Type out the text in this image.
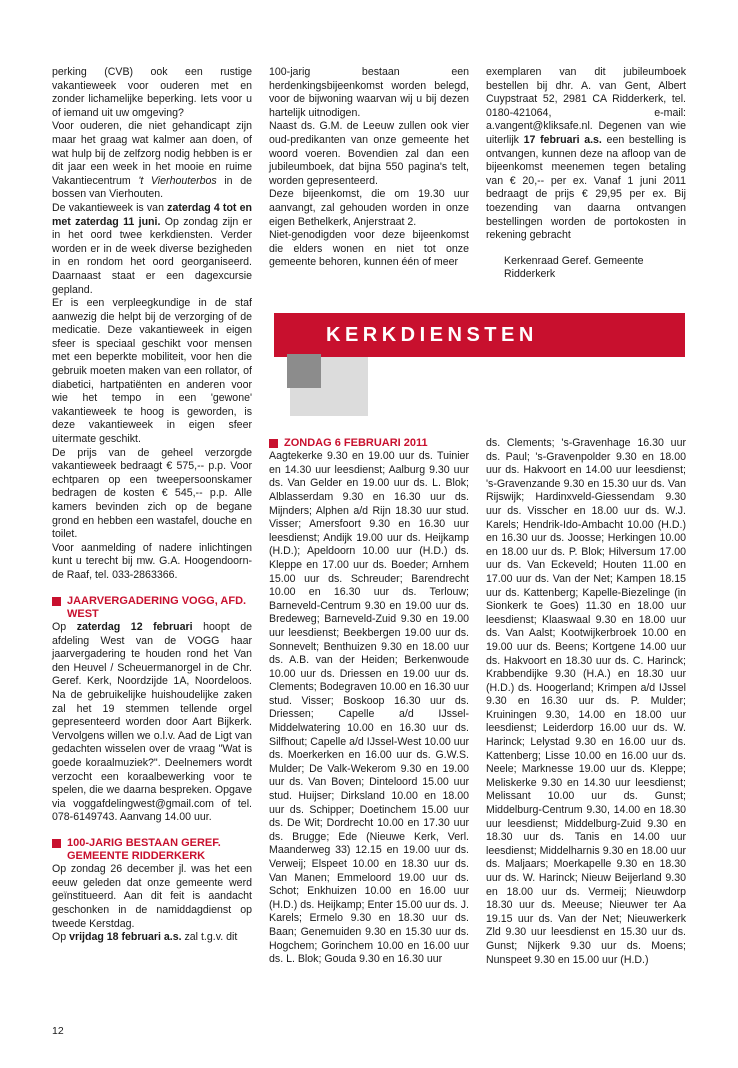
perking (CVB) ook een rustige vakantieweek voor ouderen met en zonder lichamelijke beperking. Iets voor u of iemand uit uw omgeving?

Voor ouderen, die niet gehandicapt zijn maar het graag wat kalmer aan doen, of wat hulp bij de zelfzorg nodig hebben is er dit jaar een week in het mooie en ruime Vakantiecentrum 't Vierhouterbos in de bossen van Vierhouten.

De vakantieweek is van zaterdag 4 tot en met zaterdag 11 juni. Op zondag zijn er in het oord twee kerkdiensten. Verder worden er in de week diverse bezigheden in en rondom het oord georganiseerd. Daarnaast staat er een dagexcursie gepland.

Er is een verpleegkundige in de staf aanwezig die helpt bij de verzorging of de medicatie. Deze vakantieweek in eigen sfeer is speciaal geschikt voor mensen met een beperkte mobiliteit, voor hen die gebruik moeten maken van een rollator, of diabetici, hartpatiënten en anderen voor wie het tempo in een 'gewone' vakantieweek te hoog is geworden, is deze vakantieweek in eigen sfeer uitermate geschikt.

De prijs van de geheel verzorgde vakantieweek bedraagt € 575,-- p.p. Voor echtparen op een tweepersoonskamer bedragen de kosten € 545,-- p.p. Alle kamers bevinden zich op de begane grond en hebben een wastafel, douche en toilet.

Voor aanmelding of nadere inlichtingen kunt u terecht bij mw. G.A. Hoogendoorn-de Raaf, tel. 033-2863366.

JAARVERGADERING VOGG, AFD. WEST

Op zaterdag 12 februari hoopt de afdeling West van de VOGG haar jaarvergadering te houden rond het Van den Heuvel / Scheuermanorgel in de Chr. Geref. Kerk, Noordzijde 1A, Noordeloos. Na de gebruikelijke huishoudelijke zaken zal het 19 stemmen tellende orgel gepresenteerd worden door Aart Bijkerk. Vervolgens willen we o.l.v. Aad de Ligt van gedachten wisselen over de vraag "Wat is goede koraalmuziek?". Deelnemers wordt verzocht een koraalbewerking voor te spelen, die we daarna bespreken. Opgave via voggafdelingwest@gmail.com of tel. 078-6149743. Aanvang 14.00 uur.

100-JARIG BESTAAN GEREF. GEMEENTE RIDDERKERK

Op zondag 26 december jl. was het een eeuw geleden dat onze gemeente werd geïnstitueerd. Aan dit feit is aandacht geschonken in de namiddagdienst op tweede Kerstdag.

Op vrijdag 18 februari a.s. zal t.g.v. dit

100-jarig bestaan een herdenkingsbijeenkomst worden belegd, voor de bijwoning waarvan wij u bij dezen hartelijk uitnodigen.

Naast ds. G.M. de Leeuw zullen ook vier oud-predikanten van onze gemeente het woord voeren. Bovendien zal dan een jubileumboek, dat bijna 550 pagina's telt, worden gepresenteerd.

Deze bijeenkomst, die om 19.30 uur aanvangt, zal gehouden worden in onze eigen Bethelkerk, Anjerstraat 2.

Niet-genodigden voor deze bijeenkomst die elders wonen en niet tot onze gemeente behoren, kunnen één of meer

exemplaren van dit jubileumboek bestellen bij dhr. A. van Gent, Albert Cuypstraat 52, 2981 CA Ridderkerk, tel. 0180-421064, e-mail: a.vangent@kliksafe.nl. Degenen van wie uiterlijk 17 februari a.s. een bestelling is ontvangen, kunnen deze na afloop van de bijeenkomst meenemen tegen betaling van € 20,-- per ex. Vanaf 1 juni 2011 bedraagt de prijs € 29,95 per ex. Bij toezending van daarna ontvangen bestellingen worden de portokosten in rekening gebracht

Kerkenraad Geref. Gemeente Ridderkerk

KERKDIENSTEN

ZONDAG 6 FEBRUARI 2011

Aagtekerke 9.30 en 19.00 uur ds. Tuinier en 14.30 uur leesdienst; Aalburg 9.30 uur ds. Van Gelder en 19.00 uur ds. L. Blok; Alblasserdam 9.30 en 16.30 uur ds. Mijnders; Alphen a/d Rijn 18.30 uur stud. Visser; Amersfoort 9.30 en 16.30 uur leesdienst; Andijk 19.00 uur ds. Heijkamp (H.D.); Apeldoorn 10.00 uur (H.D.) ds. Kleppe en 17.00 uur ds. Boeder; Arnhem 15.00 uur ds. Schreuder; Barendrecht 10.00 en 16.30 uur ds. Terlouw; Barneveld-Centrum 9.30 en 19.00 uur ds. Bredeweg; Barneveld-Zuid 9.30 en 19.00 uur leesdienst; Beekbergen 19.00 uur ds. Sonnevelt; Benthuizen 9.30 en 18.00 uur ds. A.B. van der Heiden; Berkenwoude 10.00 uur ds. Driessen en 19.00 uur ds. Clements; Bodegraven 10.00 en 16.30 uur stud. Visser; Boskoop 16.30 uur ds. Driessen; Capelle a/d IJssel-Middelwatering 10.00 en 16.30 uur ds. Silfhout; Capelle a/d IJssel-West 10.00 uur ds. Moerkerken en 16.00 uur ds. G.W.S. Mulder; De Valk-Wekerom 9.30 en 19.00 uur ds. Van Boven; Dinteloord 15.00 uur stud. Huijser; Dirksland 10.00 en 18.00 uur ds. Schipper; Doetinchem 15.00 uur ds. De Wit; Dordrecht 10.00 en 17.30 uur ds. Brugge; Ede (Nieuwe Kerk, Verl. Maanderweg 33) 12.15 en 19.00 uur ds. Verweij; Elspeet 10.00 en 18.30 uur ds. Van Manen; Emmeloord 19.00 uur ds. Schot; Enkhuizen 10.00 en 16.00 uur (H.D.) ds. Heijkamp; Enter 15.00 uur ds. J. Karels; Ermelo 9.30 en 18.30 uur ds. Baan; Genemuiden 9.30 en 15.30 uur ds. Hogchem; Gorinchem 10.00 en 16.00 uur ds. L. Blok; Gouda 9.30 en 16.30 uur

ds. Clements; 's-Gravenhage 16.30 uur ds. Paul; 's-Gravenpolder 9.30 en 18.00 uur ds. Hakvoort en 14.00 uur leesdienst; 's-Gravenzande 9.30 en 15.30 uur ds. Van Rijswijk; Hardinxveld-Giessendam 9.30 uur ds. Visscher en 18.00 uur ds. W.J. Karels; Hendrik-Ido-Ambacht 10.00 (H.D.) en 16.30 uur ds. Joosse; Herkingen 10.00 en 18.00 uur ds. P. Blok; Hilversum 17.00 uur ds. Van Eckeveld; Houten 11.00 en 17.00 uur ds. Van der Net; Kampen 18.15 uur ds. Kattenberg; Kapelle-Biezelinge (in Sionkerk te Goes) 11.30 en 18.00 uur leesdienst; Klaaswaal 9.30 en 18.00 uur ds. Van Aalst; Kootwijkerbroek 10.00 en 19.00 uur ds. Beens; Kortgene 14.00 uur ds. Hakvoort en 18.30 uur ds. C. Harinck; Krabbendijke 9.30 (H.A.) en 18.30 uur (H.D.) ds. Hoogerland; Krimpen a/d IJssel 9.30 en 16.30 uur ds. P. Mulder; Kruiningen 9.30, 14.00 en 18.00 uur leesdienst; Leiderdorp 16.00 uur ds. W. Harinck; Lelystad 9.30 en 16.00 uur ds. Kattenberg; Lisse 10.00 en 16.00 uur ds. Neele; Marknesse 19.00 uur ds. Kleppe; Meliskerke 9.30 en 14.30 uur leesdienst; Melissant 10.00 uur ds. Gunst; Middelburg-Centrum 9.30, 14.00 en 18.30 uur leesdienst; Middelburg-Zuid 9.30 en 18.30 uur ds. Tanis en 14.00 uur leesdienst; Middelharnis 9.30 en 18.00 uur ds. Maljaars; Moerkapelle 9.30 en 18.30 uur ds. W. Harinck; Nieuw Beijerland 9.30 en 18.00 uur ds. Vermeij; Nieuwdorp 18.30 uur ds. Meeuse; Nieuwer ter Aa 19.15 uur ds. Van der Net; Nieuwerkerk Zld 9.30 uur leesdienst en 15.30 uur ds. Gunst; Nijkerk 9.30 uur ds. Moens; Nunspeet 9.30 en 15.00 uur (H.D.)

12
